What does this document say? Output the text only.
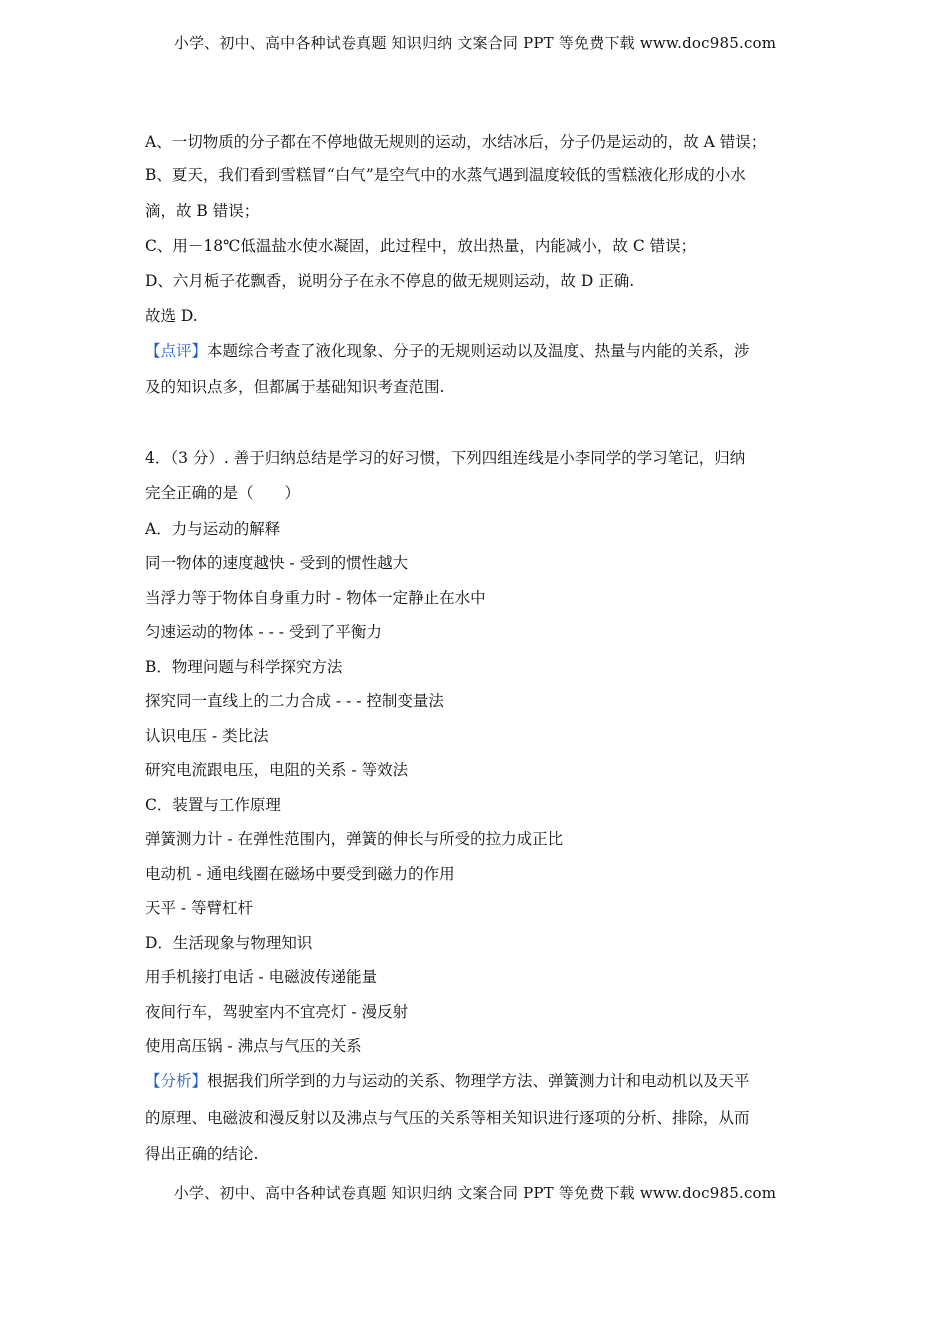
小学、初中、高中各种试卷真题 知识归纳 文案合同 PPT 等免费下载 www.doc985.com
A、一切物质的分子都在不停地做无规则的运动，水结冰后，分子仍是运动的，故 A 错误；
B、夏天，我们看到雪糕冒“白气”是空气中的水蒸气遇到温度较低的雪糕液化形成的小水
滴，故 B 错误；
C、用－18℃低温盐水使水凝固，此过程中，放出热量，内能减小，故 C 错误；
D、六月栀子花飘香，说明分子在永不停息的做无规则运动，故 D 正确.
故选 D.
【点评】本题综合考查了液化现象、分子的无规则运动以及温度、热量与内能的关系，涉
及的知识点多，但都属于基础知识考查范围.
4．（3 分）. 善于归纳总结是学习的好习惯，下列四组连线是小李同学的学习笔记，归纳
完全正确的是（　　）
A．力与运动的解释
同一物体的速度越快 - 受到的惯性越大
当浮力等于物体自身重力时 - 物体一定静止在水中
匀速运动的物体 - - - 受到了平衡力
B．物理问题与科学探究方法
探究同一直线上的二力合成 - - - 控制变量法
认识电压 - 类比法
研究电流跟电压，电阻的关系 - 等效法
C．装置与工作原理
弹簧测力计 - 在弹性范围内，弹簧的伸长与所受的拉力成正比
电动机 - 通电线圈在磁场中要受到磁力的作用
天平 - 等臂杠杆
D．生活现象与物理知识
用手机接打电话 - 电磁波传递能量
夜间行车，驾驶室内不宜亮灯 - 漫反射
使用高压锅 - 沸点与气压的关系
【分析】根据我们所学到的力与运动的关系、物理学方法、弹簧测力计和电动机以及天平
的原理、电磁波和漫反射以及沸点与气压的关系等相关知识进行逐项的分析、排除，从而
得出正确的结论.
小学、初中、高中各种试卷真题 知识归纳 文案合同 PPT 等免费下载 www.doc985.com
